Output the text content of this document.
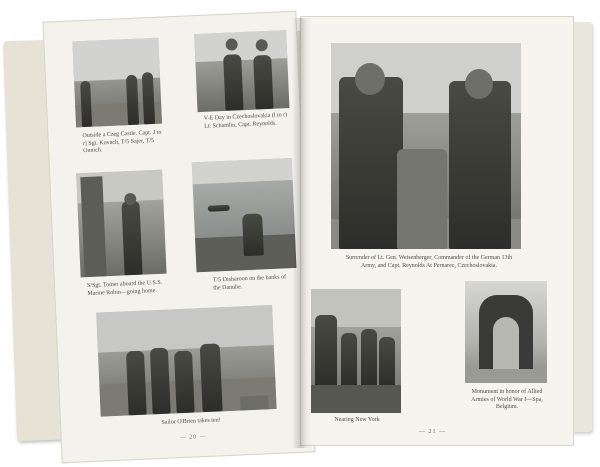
Outside a Czeg Castle. Capt. J to r] Sgt. Kovach, T/5 Sajer, T/5 Onnich.
V-E Day in Czechoslovakia (l to r) Lt. Schamlin, Capt. Reynolds.
S/Sgt. Tomer aboard the U.S.S. Marine Robin—going home.
T/5 Disharoon on the banks of the Danube.
Sailor O'Brien takes ten!
— 20 —
Surrender of Lt. Gen. Weisenberger, Commander of the German 13th Army, and Capt. Reynolds At Pernarec, Czechoslovakia.
Nearing New York
Monument in honor of Allied Armies of World War I—Spa, Belgium.
— 21 —
